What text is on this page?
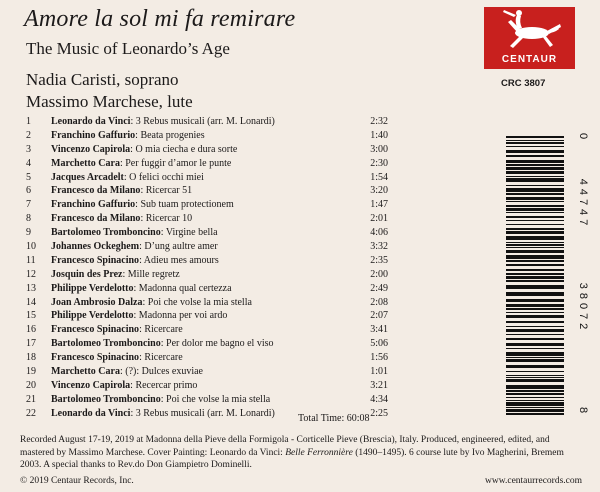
Amore la sol mi fa remirare
The Music of Leonardo’s Age
Nadia Caristi, soprano
Massimo Marchese, lute
CENTAUR
CRC 3807
1 Leonardo da Vinci: 3 Rebus musicali (arr. M. Lonardi)	2:32
2 Franchino Gaffurio: Beata progenies	1:40
3 Vincenzo Capirola: O mia ciecha e dura sorte	3:00
4 Marchetto Cara: Per fuggir d’amor le punte	2:30
5 Jacques Arcadelt: O felici occhi miei	1:54
6 Francesco da Milano: Ricercar 51	3:20
7 Franchino Gaffurio: Sub tuam protectionem	1:47
8 Francesco da Milano: Ricercar 10	2:01
9 Bartolomeo Tromboncino: Virgine bella	4:06
10 Johannes Ockeghem: D’ung aultre amer	3:32
11 Francesco Spinacino: Adieu mes amours	2:35
12 Josquin des Prez: Mille regretz	2:00
13 Philippe Verdelotto: Madonna qual certezza	2:49
14 Joan Ambrosio Dalza: Poi che volse la mia stella	2:08
15 Philippe Verdelotto: Madonna per voi ardo	2:07
16 Francesco Spinacino: Ricercare	3:41
17 Bartolomeo Tromboncino: Per dolor me bagno el viso	5:06
18 Francesco Spinacino: Ricercare	1:56
19 Marchetto Cara: (?): Dulces exuviae	1:01
20 Vincenzo Capirola: Recercar primo	3:21
21 Bartolomeo Tromboncino: Poi che volse la mia stella	4:34
22 Leonardo da Vinci: 3 Rebus musicali (arr. M. Lonardi)	2:25
Total Time: 60:08
Recorded August 17-19, 2019 at Madonna della Pieve della Formigola - Corticelle Pieve (Brescia), Italy. Produced, engineered, edited, and mastered by Massimo Marchese. Cover Painting: Leonardo da Vinci: Belle Ferronnière (1490–1495). 6 course lute by Ivo Magherini, Bremem 2003. A special thanks to Rev.do Don Giampietro Dominelli.
© 2019 Centaur Records, Inc.	www.centaurrecords.com
0
44747
38072
8
